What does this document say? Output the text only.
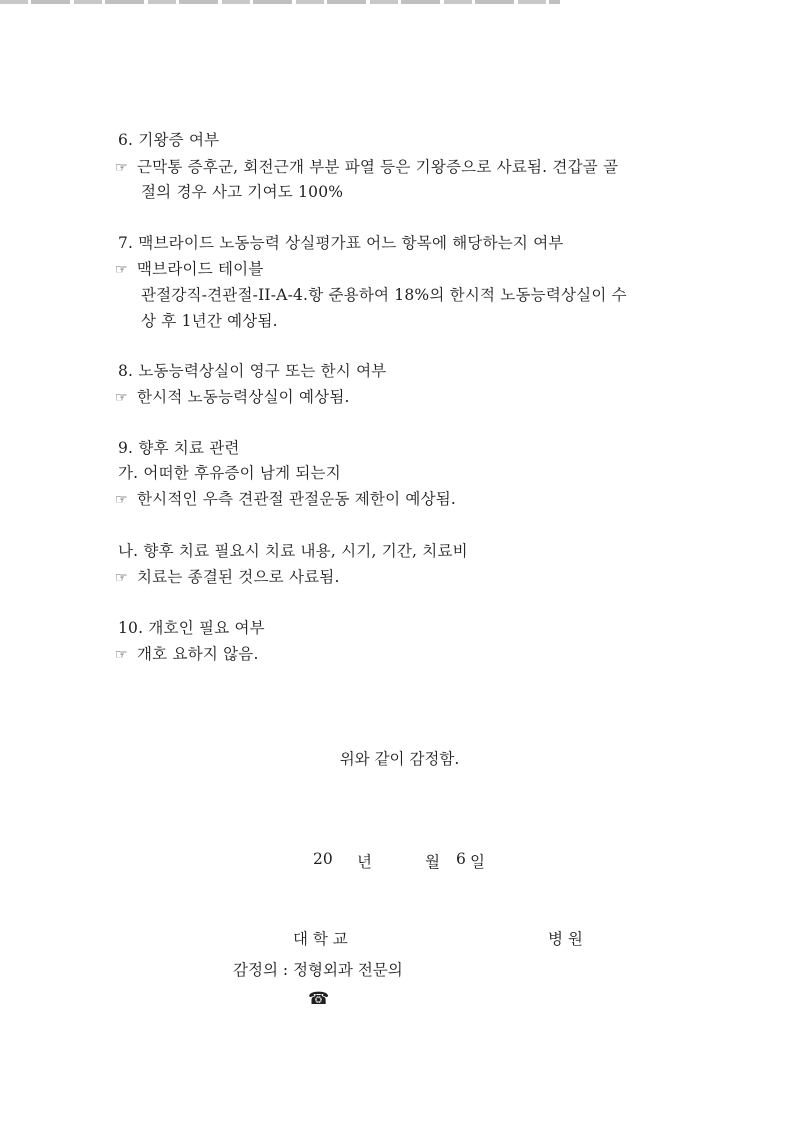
6. 기왕증 여부
☞ 근막통 증후군, 회전근개 부분 파열 등은 기왕증으로 사료됨. 견갑골 골
절의 경우 사고 기여도 100%
7. 맥브라이드 노동능력 상실평가표 어느 항목에 해당하는지 여부
☞ 맥브라이드 테이블
관절강직-견관절-II-A-4.항 준용하여 18%의 한시적 노동능력상실이 수
상 후 1년간 예상됨.
8. 노동능력상실이 영구 또는 한시 여부
☞ 한시적 노동능력상실이 예상됨.
9. 향후 치료 관련
가. 어떠한 후유증이 남게 되는지
☞ 한시적인 우측 견관절 관절운동 제한이 예상됨.
나. 향후 치료 필요시 치료 내용, 시기, 기간, 치료비
☞ 치료는 종결된 것으로 사료됨.
10. 개호인 필요 여부
☞ 개호 요하지 않음.
위와 같이 감정함.
20 년	월 6 일
대 학 교	병 원
감정의 : 정형외과 전문의
☎
